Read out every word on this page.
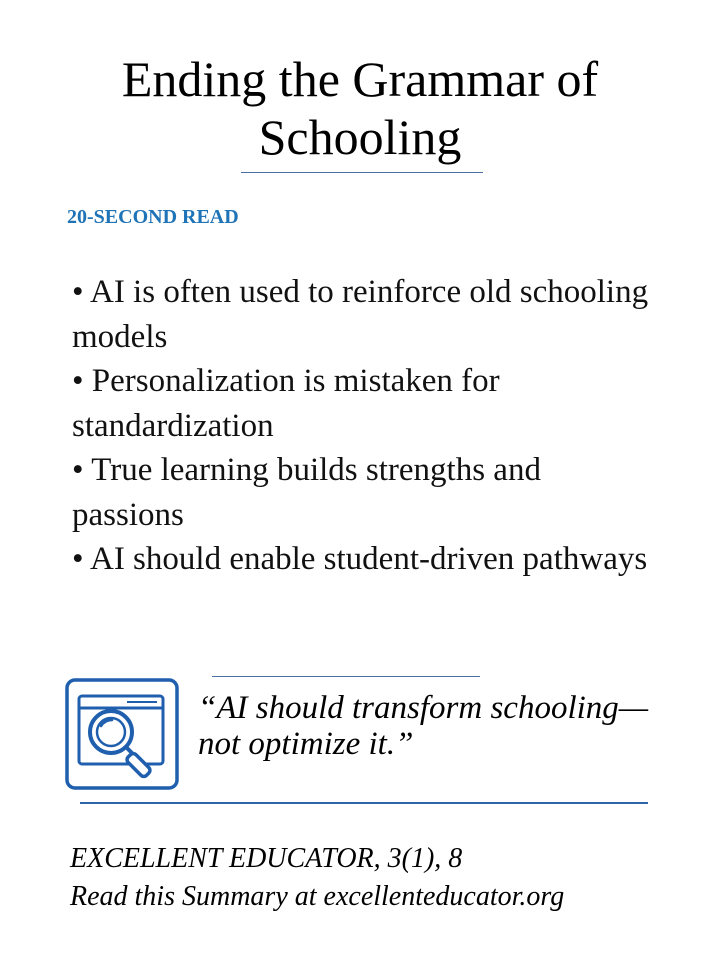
Ending the Grammar of Schooling
20-SECOND READ
• AI is often used to reinforce old schooling models
• Personalization is mistaken for standardization
• True learning builds strengths and passions
• AI should enable student-driven pathways
“AI should transform schooling—not optimize it.”
EXCELLENT EDUCATOR, 3(1), 8
Read this Summary at excellenteducator.org
